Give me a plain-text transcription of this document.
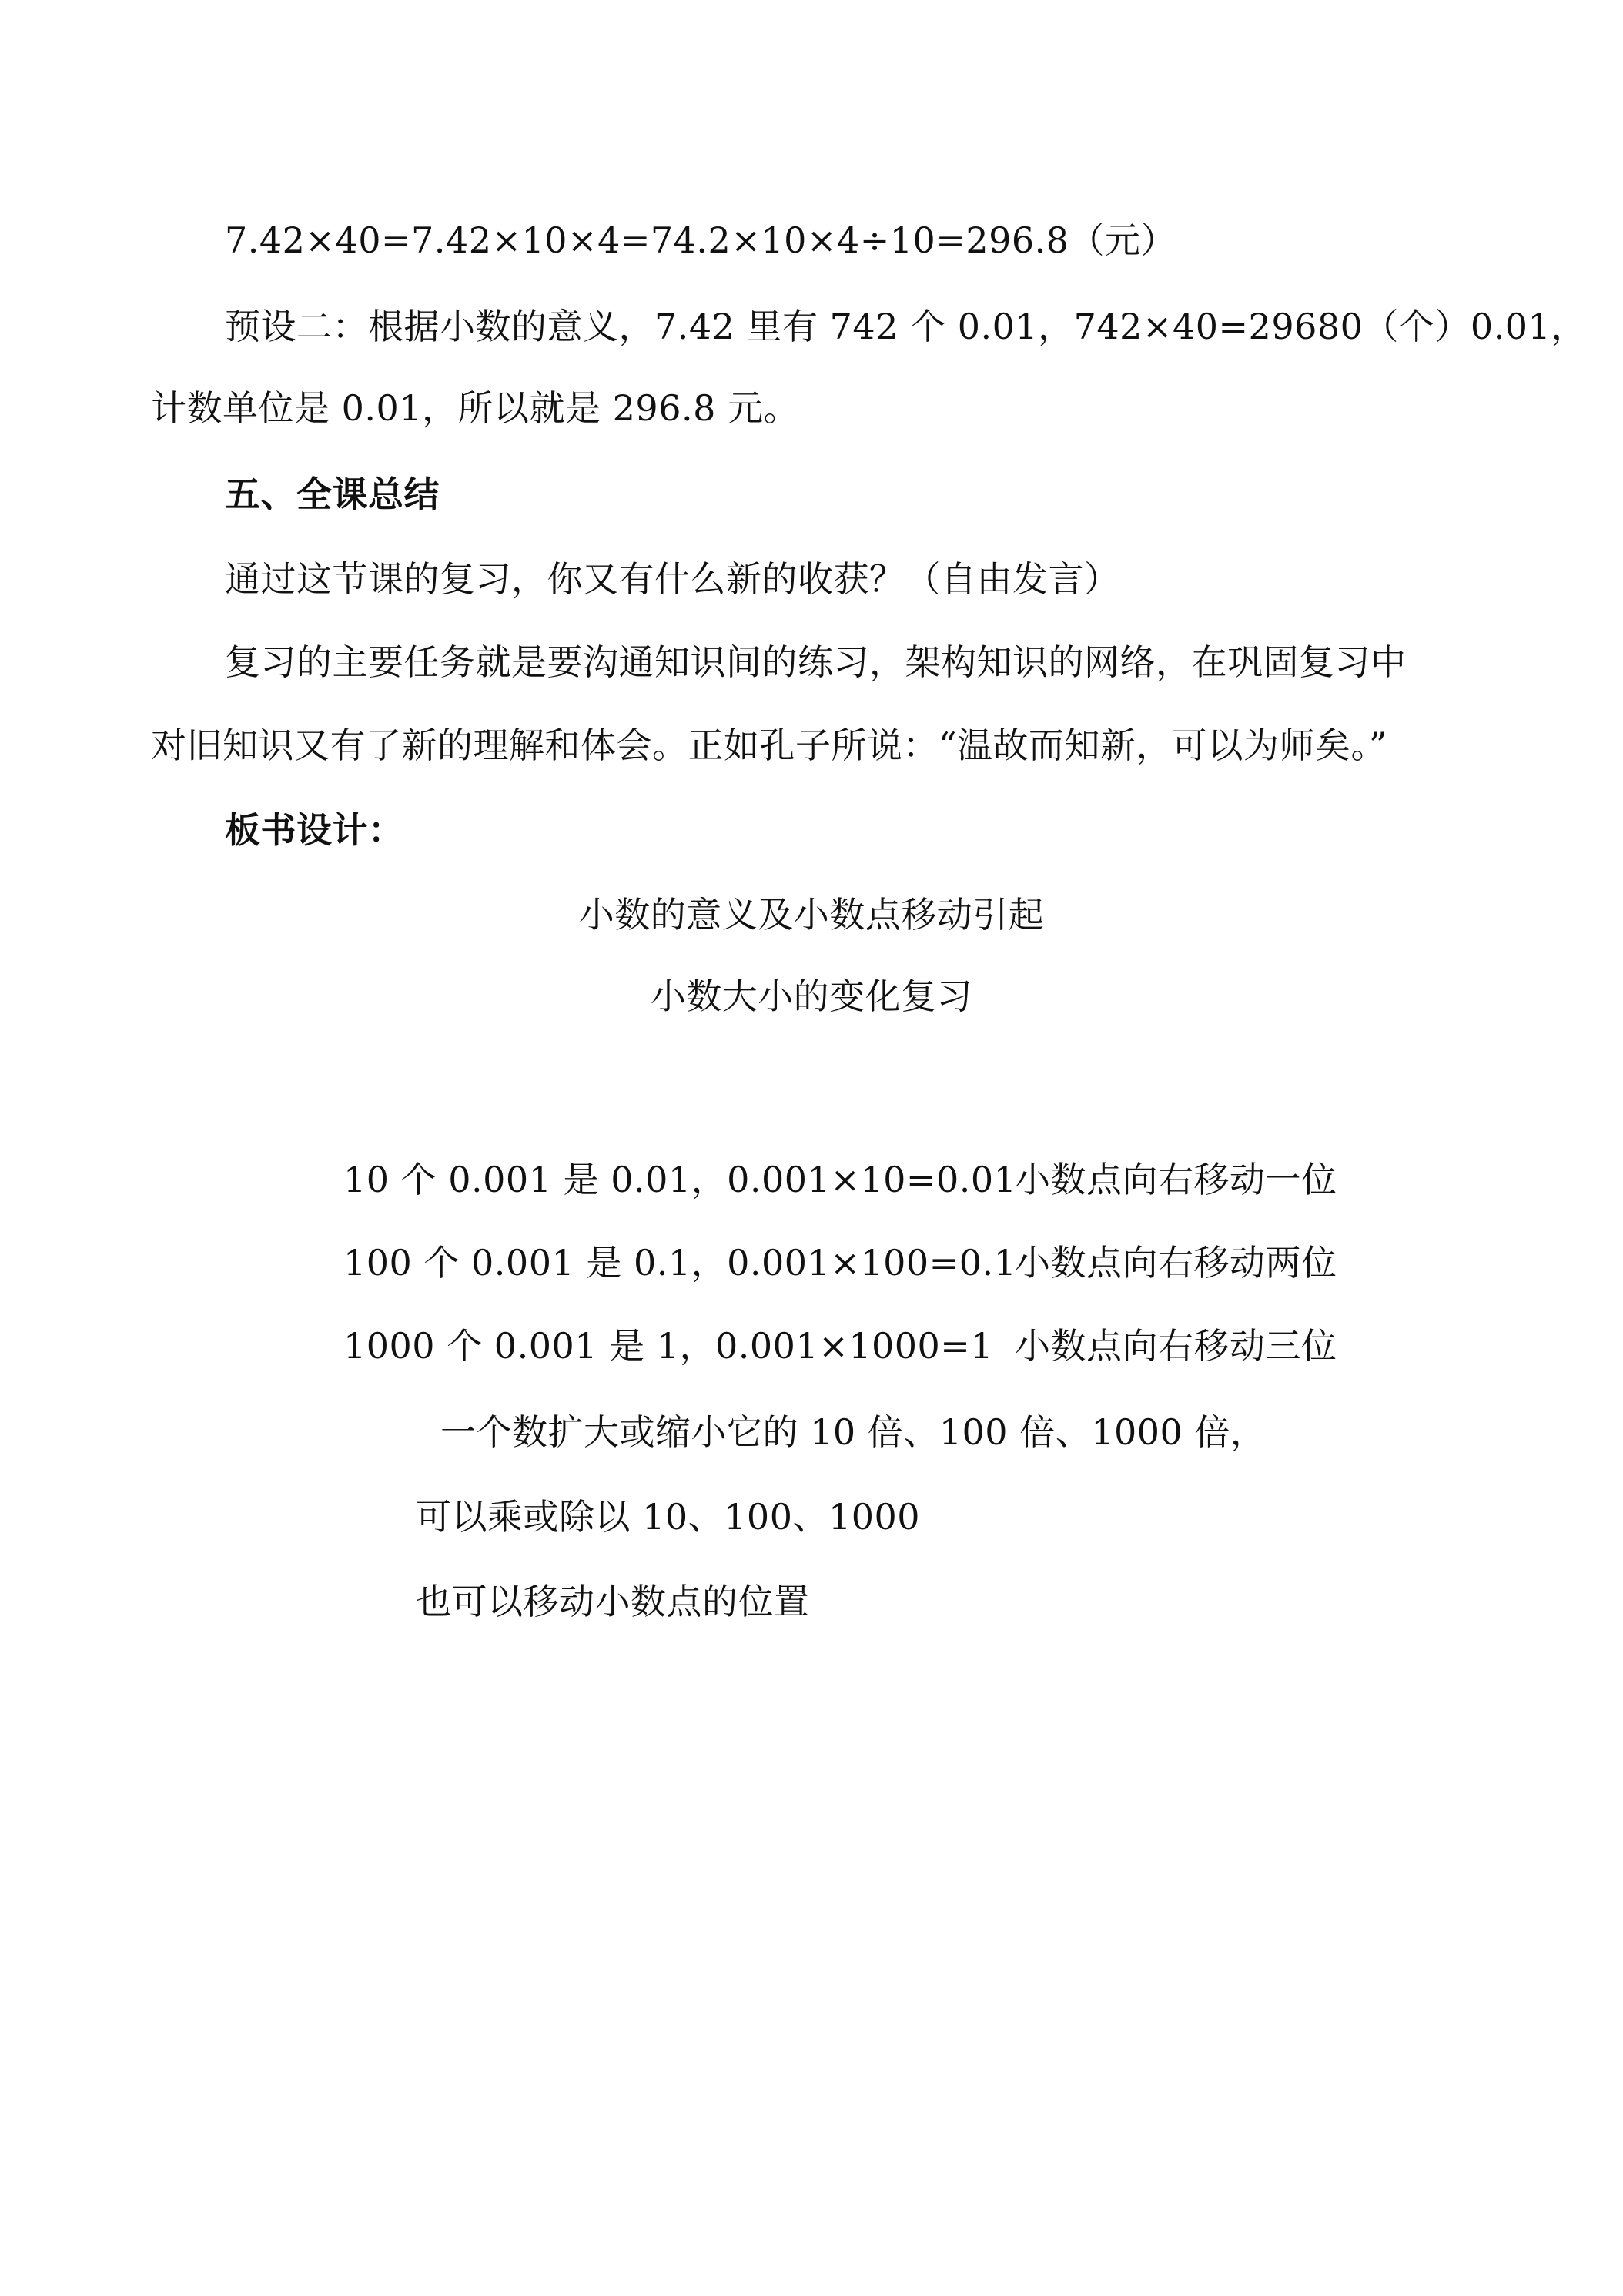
7.42×40=7.42×10×4=74.2×10×4÷10=296.8（元）
预设二：根据小数的意义，7.42 里有 742 个 0.01，742×40=29680（个）0.01，
计数单位是 0.01，所以就是 296.8 元。
五、全课总结
通过这节课的复习，你又有什么新的收获？（自由发言）
复习的主要任务就是要沟通知识间的练习，架构知识的网络，在巩固复习中
对旧知识又有了新的理解和体会。正如孔子所说：“温故而知新，可以为师矣。”
板书设计：
小数的意义及小数点移动引起
小数大小的变化复习
10 个 0.001 是 0.01，0.001×10=0.01
小数点向右移动一位
100 个 0.001 是 0.1，0.001×100=0.1
小数点向右移动两位
1000 个 0.001 是 1，0.001×1000=1 小数点向右移动三位
一个数扩大或缩小它的 10 倍、100 倍、1000 倍，
可以乘或除以 10、100、1000
也可以移动小数点的位置
